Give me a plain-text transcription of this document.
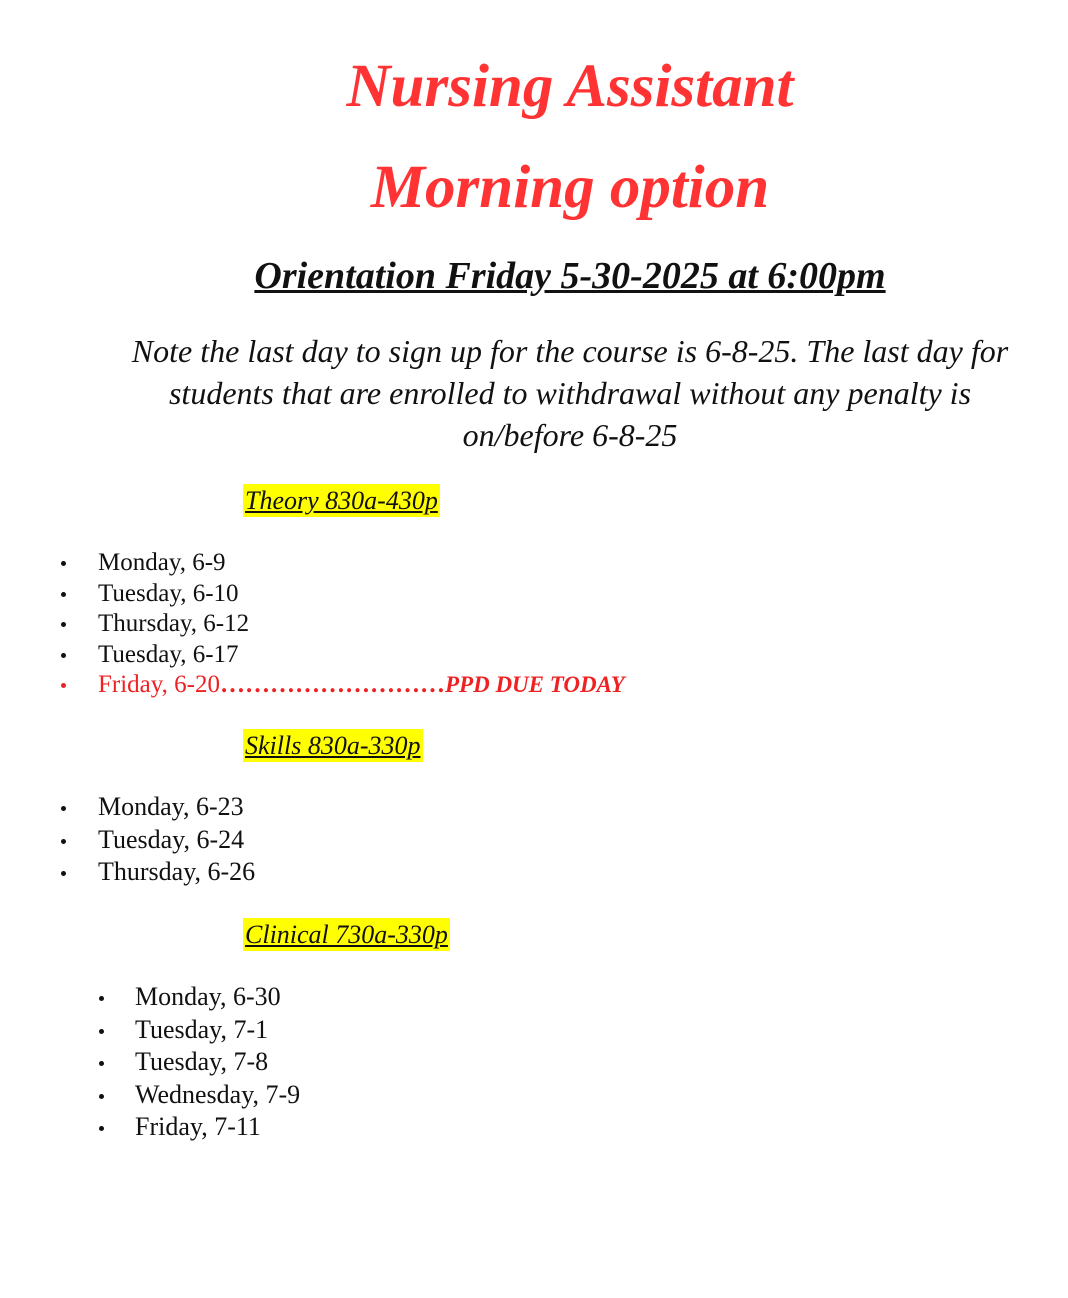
Nursing Assistant
Morning option
Orientation Friday 5-30-2025 at 6:00pm
Note the last day to sign up for the course is 6-8-25. The last day for students that are enrolled to withdrawal without any penalty is on/before 6-8-25
Theory 830a-430p
Monday, 6-9
Tuesday, 6-10
Thursday, 6-12
Tuesday, 6-17
Friday, 6-20………………………PPD DUE TODAY
Skills 830a-330p
Monday, 6-23
Tuesday, 6-24
Thursday, 6-26
Clinical 730a-330p
Monday, 6-30
Tuesday, 7-1
Tuesday, 7-8
Wednesday, 7-9
Friday, 7-11
